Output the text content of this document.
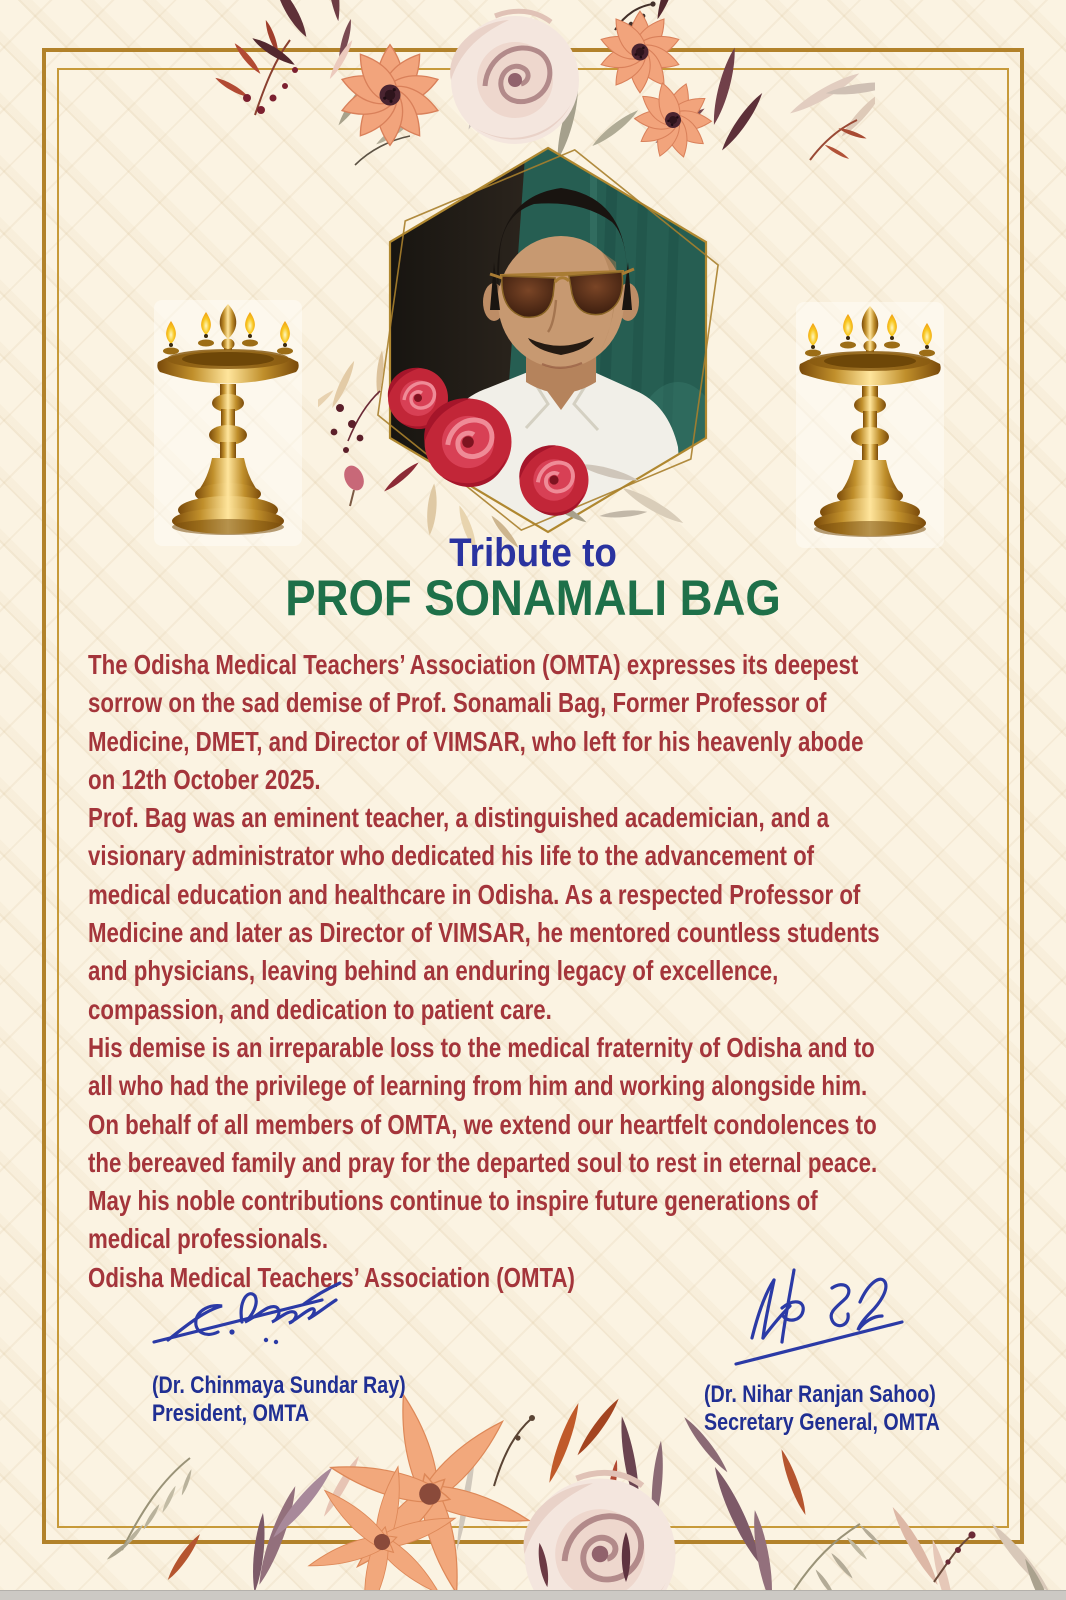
Tribute to
PROF SONAMALI BAG
The Odisha Medical Teachers’ Association (OMTA) expresses its deepest
sorrow on the sad demise of Prof. Sonamali Bag, Former Professor of
Medicine, DMET, and Director of VIMSAR, who left for his heavenly abode
on 12th October 2025.
Prof. Bag was an eminent teacher, a distinguished academician, and a
visionary administrator who dedicated his life to the advancement of
medical education and healthcare in Odisha. As a respected Professor of
Medicine and later as Director of VIMSAR, he mentored countless students
and physicians, leaving behind an enduring legacy of excellence,
compassion, and dedication to patient care.
His demise is an irreparable loss to the medical fraternity of Odisha and to
all who had the privilege of learning from him and working alongside him.
On behalf of all members of OMTA, we extend our heartfelt condolences to
the bereaved family and pray for the departed soul to rest in eternal peace.
May his noble contributions continue to inspire future generations of
medical professionals.
Odisha Medical Teachers’ Association (OMTA)
(Dr. Chinmaya Sundar Ray)
President, OMTA
(Dr. Nihar Ranjan Sahoo)
Secretary General, OMTA
